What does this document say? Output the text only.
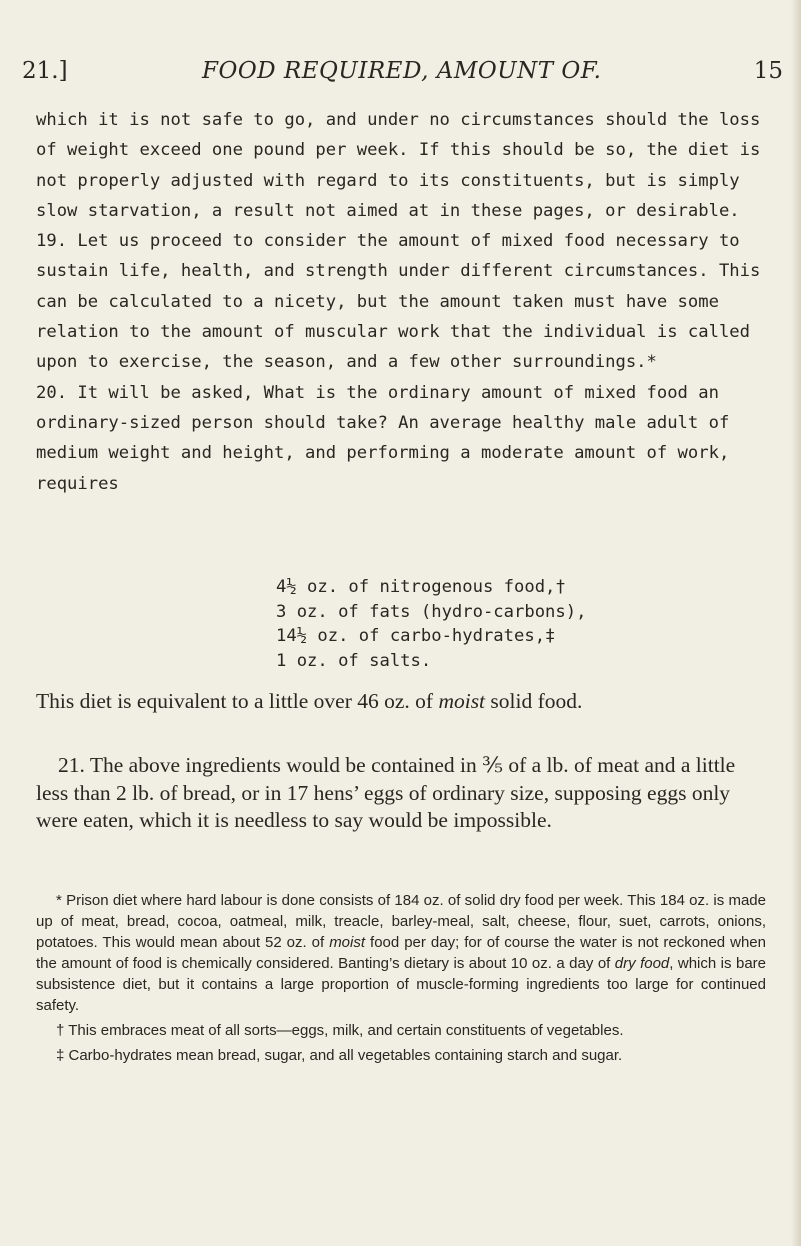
21.]	FOOD REQUIRED, AMOUNT OF.	15

which it is not safe to go, and under no circumstances should the loss of weight exceed one pound per week. If this should be so, the diet is not properly adjusted with regard to its constituents, but is simply slow starvation, a result not aimed at in these pages, or desirable.

19. Let us proceed to consider the amount of mixed food necessary to sustain life, health, and strength under different circumstances. This can be calculated to a nicety, but the amount taken must have some relation to the amount of muscular work that the individual is called upon to exercise, the season, and a few other surroundings.*

20. It will be asked, What is the ordinary amount of mixed food an ordinary-sized person should take? An average healthy male adult of medium weight and height, and performing a moderate amount of work, requires

4½ oz. of nitrogenous food,†
3 oz. of fats (hydro-carbons),
14½ oz. of carbo-hydrates,‡
1 oz. of salts.
This diet is equivalent to a little over 46 oz. of moist solid food.

21. The above ingredients would be contained in ⅗ of a lb. of meat and a little less than 2 lb. of bread, or in 17 hens’ eggs of ordinary size, supposing eggs only were eaten, which it is needless to say would be impossible.

* Prison diet where hard labour is done consists of 184 oz. of solid dry food per week. This 184 oz. is made up of meat, bread, cocoa, oatmeal, milk, treacle, barley-meal, salt, cheese, flour, suet, carrots, onions, potatoes. This would mean about 52 oz. of moist food per day; for of course the water is not reckoned when the amount of food is chemically considered. Banting’s dietary is about 10 oz. a day of dry food, which is bare subsistence diet, but it contains a large proportion of muscle-forming ingredients too large for continued safety.

† This embraces meat of all sorts—eggs, milk, and certain constituents of vegetables.

‡ Carbo-hydrates mean bread, sugar, and all vegetables containing starch and sugar.
